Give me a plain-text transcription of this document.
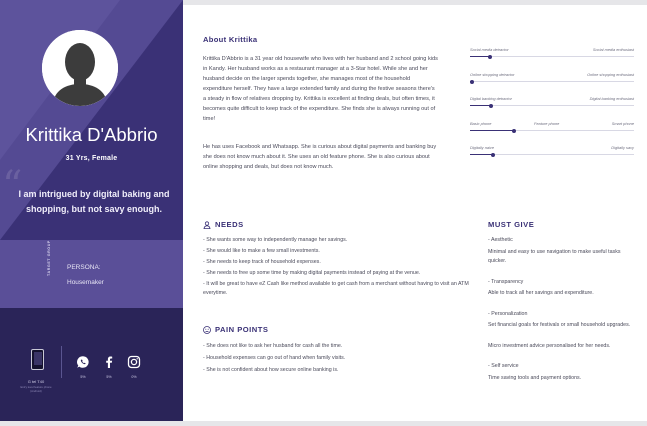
Krittika D'Abbrio
31 Yrs, Female
“
I am intrigued by digital baking and shopping, but not savy enough.
TARGET GROUP PERSONA:
Housemaker
G tel T40
Entry level feature phone (Android)
5%	5%	0%
About Krittika
Krittika D'Abbrio is a 31 year old housewife who lives with her husband and 2 school going kids in Kandy. Her husband works as a restaurant manager at a 3-Star hotel. While she and her husband decide on the larger spends together, she manages most of the household expenditure herself. They have a large extended family and during the festive seasons there's a steady in flow of relatives dropping by. Krittika is excellent at finding deals, but often times, it becomes quite difficult to keep track of the expenditure. She finds she is always running out of time!
He has uses Facebook and Whatsapp. She is curious about digital payments and banking buy she does not know much about it. She uses an old feature phone. She is also curious about online shopping and deals, but does not know much.
Social media detractor	Social media enthusiast
Online shopping detractor	Online shopping enthusiast
Digital banking detractor	Digital banking enthusiast
Basic phone	Feature phone	Smart phone
Digitally naive	Digitally savy
NEEDS
- She wants some way to independently manage her savings.
- She would like to make a few small investments.
- She needs to keep track of household expenses.
- She needs to free up some time by making digital payments instead of paying at the venue.
- It will be great to have eZ Cash like method available to get cash from a merchant without having to visit an ATM everytime.
PAIN POINTS
- She does not like to ask her husband for cash all the time.
- Household expenses can go out of hand when family visits.
- She is not confident about how secure online banking is.
MUST GIVE
- Aesthetic
Minimal and easy to use navigation to make useful tasks quicker.
- Transparency
Able to track all her savings and expenditure.
- Personalization
Set financial goals for festivals or small household upgrades.
Micro investment advice personalised for her needs.
- Self service
Time saving tools and payment options.
